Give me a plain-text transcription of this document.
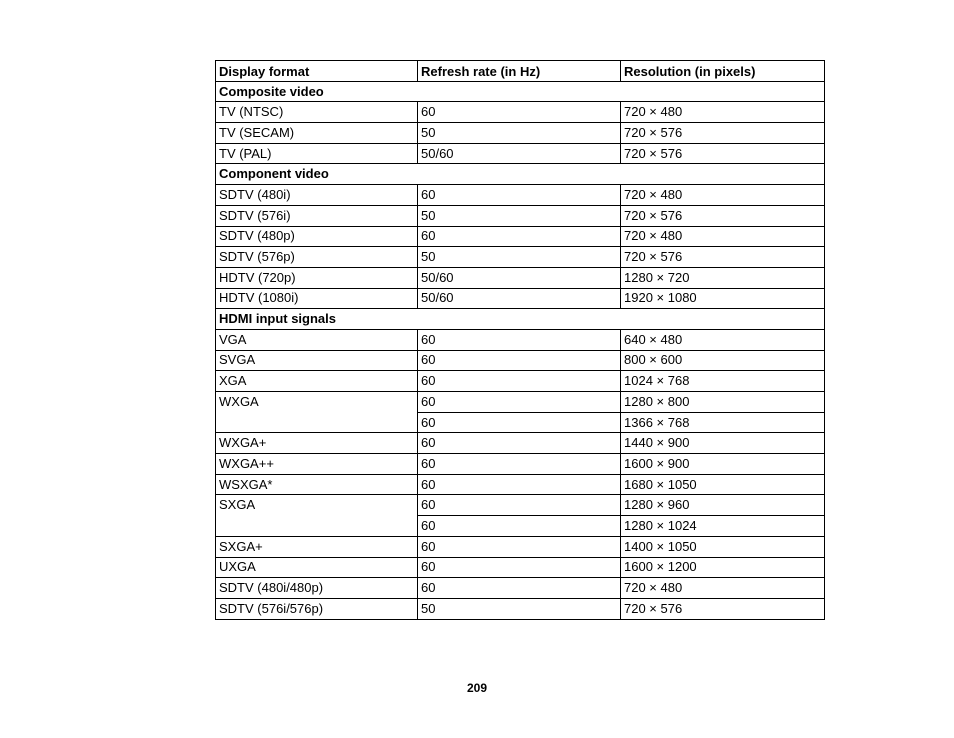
Display format	Refresh rate (in Hz)	Resolution (in pixels)
Composite video		
TV (NTSC)	60	720 × 480
TV (SECAM)	50	720 × 576
TV (PAL)	50/60	720 × 576
Component video		
SDTV (480i)	60	720 × 480
SDTV (576i)	50	720 × 576
SDTV (480p)	60	720 × 480
SDTV (576p)	50	720 × 576
HDTV (720p)	50/60	1280 × 720
HDTV (1080i)	50/60	1920 × 1080
HDMI input signals		
VGA	60	640 × 480
SVGA	60	800 × 600
XGA	60	1024 × 768
WXGA	60	1280 × 800
	60	1366 × 768
WXGA+	60	1440 × 900
WXGA++	60	1600 × 900
WSXGA*	60	1680 × 1050
SXGA	60	1280 × 960
	60	1280 × 1024
SXGA+	60	1400 × 1050
UXGA	60	1600 × 1200
SDTV (480i/480p)	60	720 × 480
SDTV (576i/576p)	50	720 × 576
209
